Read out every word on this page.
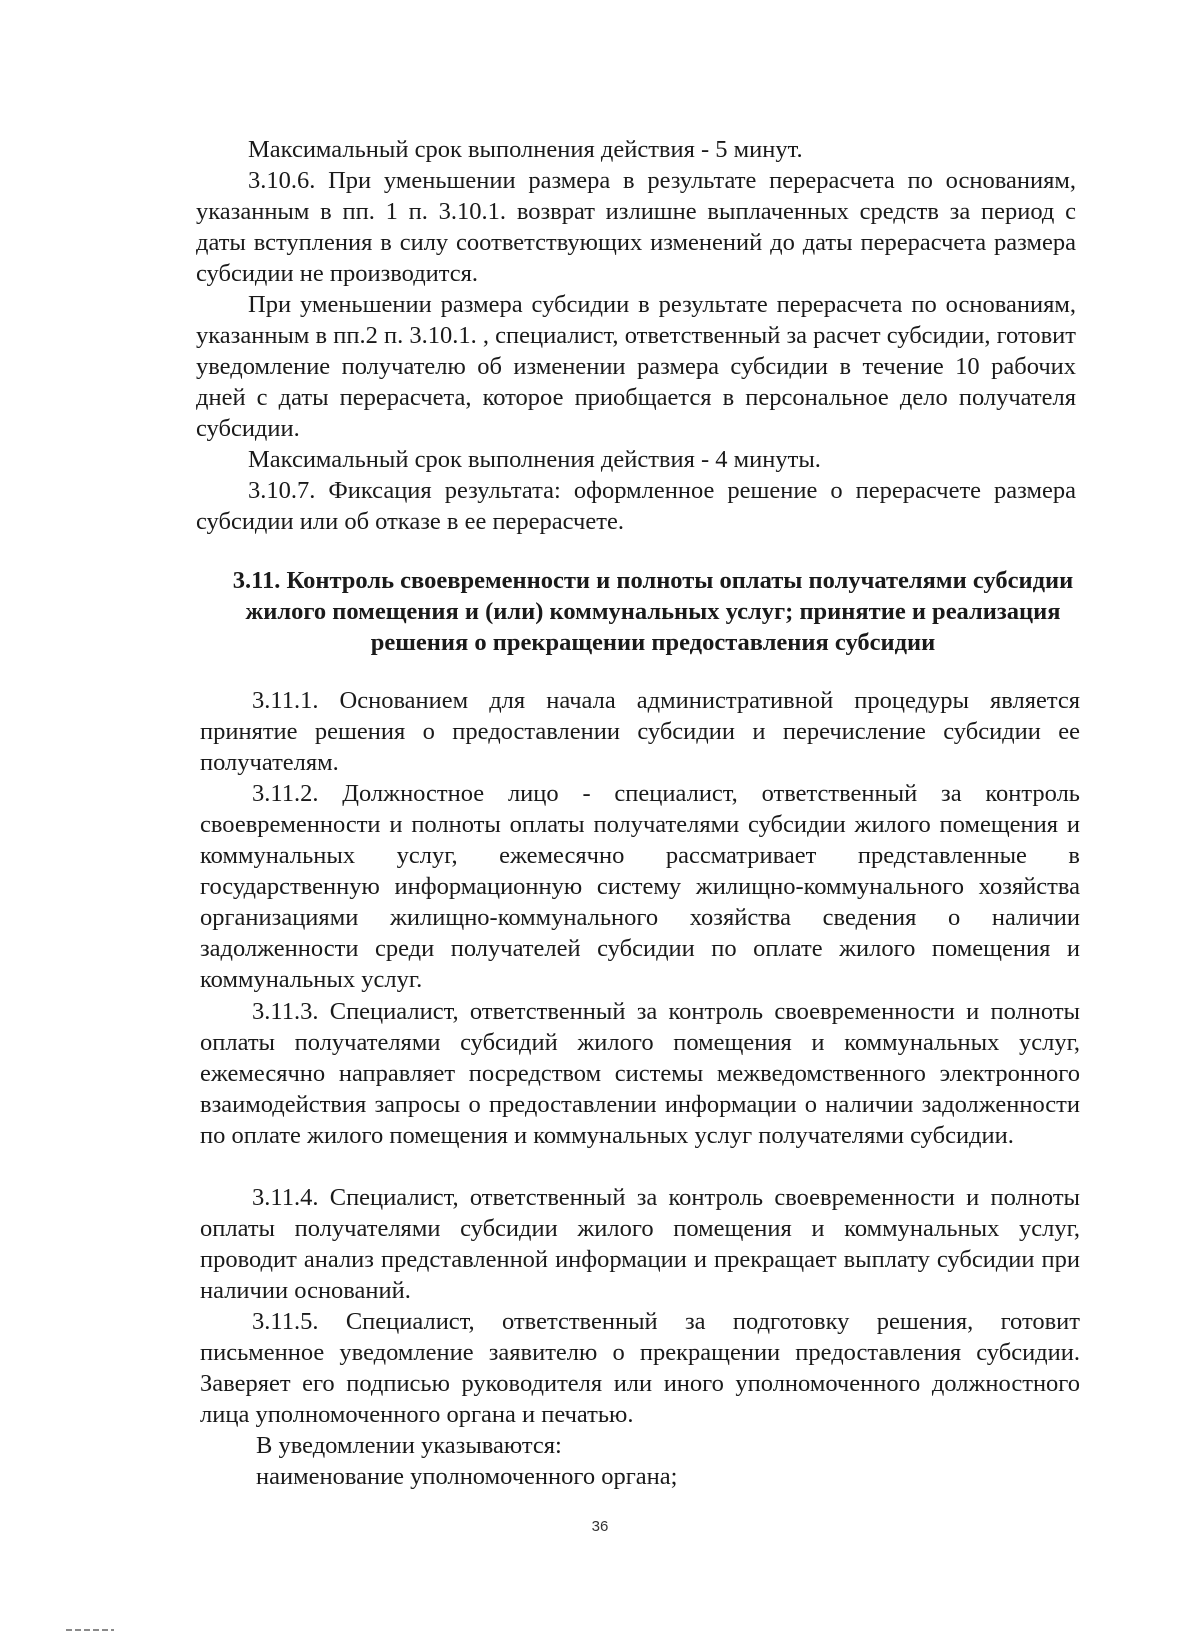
Максимальный срок выполнения действия - 5 минут.
3.10.6. При уменьшении размера в результате перерасчета по основаниям, указанным в пп. 1 п. 3.10.1. возврат излишне выплаченных средств за период с даты вступления в силу соответствующих изменений до даты перерасчета размера субсидии не производится.
При уменьшении размера субсидии в результате перерасчета по основаниям, указанным в пп.2 п. 3.10.1. , специалист, ответственный за расчет субсидии, готовит уведомление получателю об изменении размера субсидии в течение 10 рабочих дней с даты перерасчета, которое приобщается в персональное дело получателя субсидии.
Максимальный срок выполнения действия - 4 минуты.
3.10.7. Фиксация результата: оформленное решение о перерасчете размера субсидии или об отказе в ее перерасчете.
3.11. Контроль своевременности и полноты оплаты получателями субсидии жилого помещения и (или) коммунальных услуг; принятие и реализация решения о прекращении предоставления субсидии
3.11.1. Основанием для начала административной процедуры является принятие решения о предоставлении субсидии и перечисление субсидии ее получателям.
3.11.2. Должностное лицо - специалист, ответственный за контроль своевременности и полноты оплаты получателями субсидии жилого помещения и коммунальных услуг, ежемесячно рассматривает представленные в государственную информационную систему жилищно-коммунального хозяйства организациями жилищно-коммунального хозяйства сведения о наличии задолженности среди получателей субсидии по оплате жилого помещения и коммунальных услуг.
3.11.3. Специалист, ответственный за контроль своевременности и полноты оплаты получателями субсидий жилого помещения и коммунальных услуг, ежемесячно направляет посредством системы межведомственного электронного взаимодействия запросы о предоставлении информации о наличии задолженности по оплате жилого помещения и коммунальных услуг получателями субсидии.
3.11.4. Специалист, ответственный за контроль своевременности и полноты оплаты получателями субсидии жилого помещения и коммунальных услуг, проводит анализ представленной информации и прекращает выплату субсидии при наличии оснований.
3.11.5. Специалист, ответственный за подготовку решения, готовит письменное уведомление заявителю о прекращении предоставления субсидии. Заверяет его подписью руководителя или иного уполномоченного должностного лица уполномоченного органа и печатью.
В уведомлении указываются:
наименование уполномоченного органа;
36
